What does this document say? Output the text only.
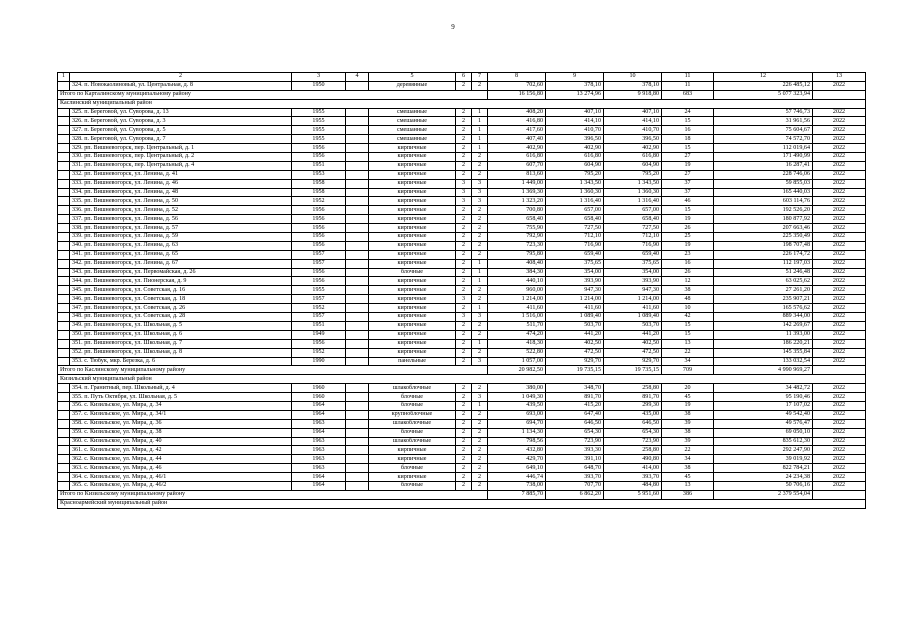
9
1	2	3	4	5	6	7	8	9	10	11	12	13
	324. п. Новокаолиновый, ул. Центральная, д. 8	1950		деревянные	2	2	702,60	378,10	378,10	11	226 485,12	2022
Итого по Карталинскому муниципальному району							16 156,80	13 274,96	9 918,80	683	5 077 323,94	
Каслинский муниципальный район												
	325. п. Береговой, ул. Суворова, д. 13	1955		смешанные	2	1	408,20	407,10	407,10	24	57 746,73	2022
	326. п. Береговой, ул. Суворова, д. 3	1955		смешанные	2	1	416,80	414,10	414,10	15	31 961,56	2022
	327. п. Береговой, ул. Суворова, д. 5	1955		смешанные	2	1	417,60	410,70	410,70	16	75 604,67	2022
	328. п. Береговой, ул. Суворова, д. 7	1955		смешанные	2	1	407,40	396,50	396,50	18	74 572,70	2022
	329. рп. Вишневогорск, пер. Центральный, д. 1	1956		кирпичные	2	1	402,90	402,90	402,90	15	112 019,64	2022
	330. рп. Вишневогорск, пер. Центральный, д. 2	1956		кирпичные	2	2	616,80	616,80	616,80	27	171 490,99	2022
	331. рп. Вишневогорск, пер. Центральный, д. 4	1951		кирпичные	2	2	607,70	604,90	604,90	19	16 287,41	2022
	332. рп. Вишневогорск, ул. Ленина, д. 41	1953		кирпичные	2	2	813,60	795,20	795,20	27	228 746,06	2022
	333. рп. Вишневогорск, ул. Ленина, д. 46	1958		кирпичные	3	3	1 449,00	1 343,50	1 343,50	37	59 855,03	2022
	334. рп. Вишневогорск, ул. Ленина, д. 48	1958		кирпичные	3	3	1 369,30	1 360,30	1 360,30	37	165 440,03	2022
	335. рп. Вишневогорск, ул. Ленина, д. 50	1952		кирпичные	3	3	1 323,20	1 316,40	1 316,40	46	603 114,76	2022
	336. рп. Вишневогорск, ул. Ленина, д. 52	1956		кирпичные	2	2	700,80	657,00	657,00	15	192 526,20	2022
	337. рп. Вишневогорск, ул. Ленина, д. 56	1956		кирпичные	2	2	658,40	658,40	658,40	19	180 877,92	2022
	338. рп. Вишневогорск, ул. Ленина, д. 57	1956		кирпичные	2	2	755,90	727,50	727,50	26	207 663,46	2022
	339. рп. Вишневогорск, ул. Ленина, д. 59	1956		кирпичные	2	2	792,90	712,10	712,10	25	225 350,49	2022
	340. рп. Вишневогорск, ул. Ленина, д. 63	1956		кирпичные	2	2	723,30	716,90	716,90	19	198 707,48	2022
	341. рп. Вишневогорск, ул. Ленина, д. 65	1957		кирпичные	2	2	795,80	659,40	659,40	23	226 174,72	2022
	342. рп. Вишневогорск, ул. Ленина, д. 67	1957		кирпичные	2	1	408,40	375,65	375,65	16	112 197,03	2022
	343. рп. Вишневогорск, ул. Первомайская, д. 26	1956		блочные	2	1	384,30	354,00	354,00	26	51 246,48	2022
	344. рп. Вишневогорск, ул. Пионерская, д. 9	1956		кирпичные	2	1	440,10	393,90	393,90	12	63 025,62	2022
	345. рп. Вишневогорск, ул. Советская, д. 16	1955		кирпичные	2	2	960,00	947,30	947,30	38	27 261,20	2022
	346. рп. Вишневогорск, ул. Советская, д. 18	1957		кирпичные	3	2	1 214,00	1 214,00	1 214,00	48	235 907,21	2022
	347. рп. Вишневогорск, ул. Советская, д. 26	1952		кирпичные	2	1	411,60	411,60	411,60	10	165 576,62	2022
	348. рп. Вишневогорск, ул. Советская, д. 28	1957		кирпичные	3	3	1 516,00	1 089,40	1 089,40	42	889 344,00	2022
	349. рп. Вишневогорск, ул. Школьная, д. 5	1951		кирпичные	2	2	511,70	503,70	503,70	15	142 269,67	2022
	350. рп. Вишневогорск, ул. Школьная, д. 6	1949		кирпичные	2	2	474,20	441,20	441,20	15	11 393,00	2022
	351. рп. Вишневогорск, ул. Школьная, д. 7	1956		кирпичные	2	1	418,30	402,50	402,50	13	186 220,21	2022
	352. рп. Вишневогорск, ул. Школьная, д. 8	1952		кирпичные	2	2	522,80	472,50	472,50	22	145 355,84	2022
	353. с. Тюбук, мкр. Березка, д. 6	1990		панельные	2	3	1 057,00	929,70	929,70	34	133 032,54	2022
Итого по Каслинскому муниципальному району							20 982,50	19 735,15	19 735,15	709	4 990 969,27	
Кизильский муниципальный район												
	354. п. Гранитный, пер. Школьный, д. 4	1960		шлакоблочные	2	2	380,00	348,70	258,80	20	34 482,72	2022
	355. п. Путь Октября, ул. Школьная, д. 5	1960		блочные	2	3	1 049,30	891,70	891,70	45	95 190,46	2022
	356. с. Кизильское, ул. Мира, д. 34	1964		блочные	2	1	439,50	415,20	299,30	19	17 107,02	2022
	357. с. Кизильское, ул. Мира, д. 34/1	1964		крупноблочные	2	2	693,00	647,40	435,00	38	49 542,40	2022
	358. с. Кизильское, ул. Мира, д. 36	1963		шлакоблочные	2	2	694,70	646,50	646,50	39	49 576,47	2022
	359. с. Кизильское, ул. Мира, д. 38	1964		блочные	2	2	1 134,30	654,30	654,30	38	69 050,10	2022
	360. с. Кизильское, ул. Мира, д. 40	1963		шлакоблочные	2	2	798,56	723,90	723,90	39	835 612,30	2022
	361. с. Кизильское, ул. Мира, д. 42	1963		кирпичные	2	2	432,80	393,30	258,80	22	292 247,90	2022
	362. с. Кизильское, ул. Мира, д. 44	1963		кирпичные	2	2	429,70	391,10	490,80	34	39 019,92	2022
	363. с. Кизильское, ул. Мира, д. 46	1963		блочные	2	2	649,10	648,70	414,00	38	822 784,21	2022
	364. с. Кизильское, ул. Мира, д. 46/1	1964		кирпичные	2	2	446,74	393,70	393,70	45	24 234,38	2022
	365. с. Кизильское, ул. Мира, д. 46/2	1964		блочные	2	2	738,00	707,70	484,80	13	50 706,16	2022
Итого по Кизильскому муниципальному району							7 885,70	6 862,20	5 951,60	386	2 379 554,04	
Красноармейский муниципальный район												
